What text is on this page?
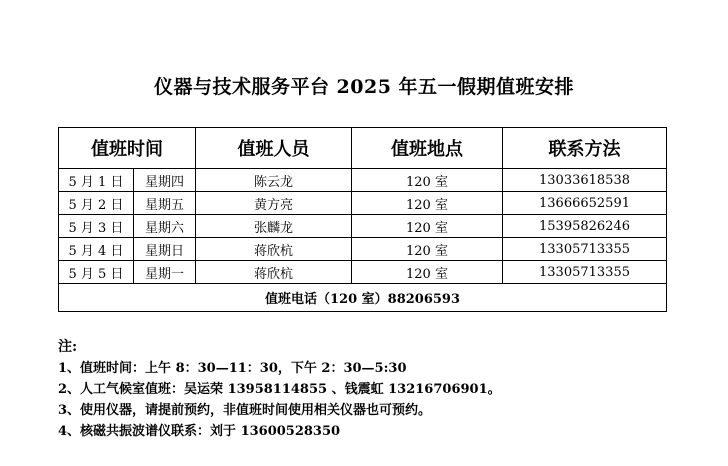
仪器与技术服务平台 2025 年五一假期值班安排
值班时间		值班人员	值班地点	联系方法
5 月 1 日	星期四	陈云龙	120 室	13033618538
5 月 2 日	星期五	黄方亮	120 室	13666652591
5 月 3 日	星期六	张麟龙	120 室	15395826246
5 月 4 日	星期日	蒋欣杭	120 室	13305713355
5 月 5 日	星期一	蒋欣杭	120 室	13305713355
值班电话（120 室）88206593				
注:
1、值班时间：上午 8：30—11：30，下午 2：30—5:30
2、人工气候室值班：吴运荣 13958114855 、钱震虹 13216706901。
3、使用仪器，请提前预约，非值班时间使用相关仪器也可预约。
4、核磁共振波谱仪联系：刘于 13600528350
